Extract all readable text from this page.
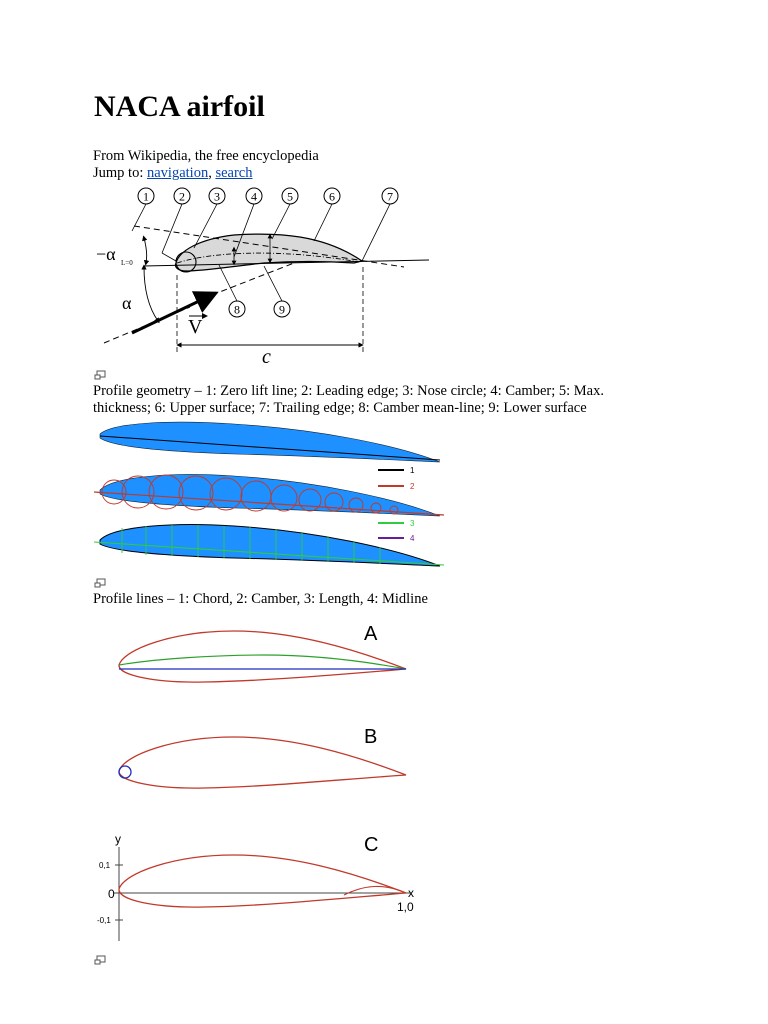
NACA airfoil
From Wikipedia, the free encyclopedia
Jump to: navigation, search
1	2 3	4	5	6	7
8	9
−α L=0
α
V
c
Profile geometry – 1: Zero lift line; 2: Leading edge; 3: Nose circle; 4: Camber; 5: Max.
thickness; 6: Upper surface; 7: Trailing edge; 8: Camber mean-line; 9: Lower surface
1
2
3
4
Profile lines – 1: Chord, 2: Camber, 3: Length, 4: Midline
A
B
y
x
0,1
0
-0,1
1,0
C
